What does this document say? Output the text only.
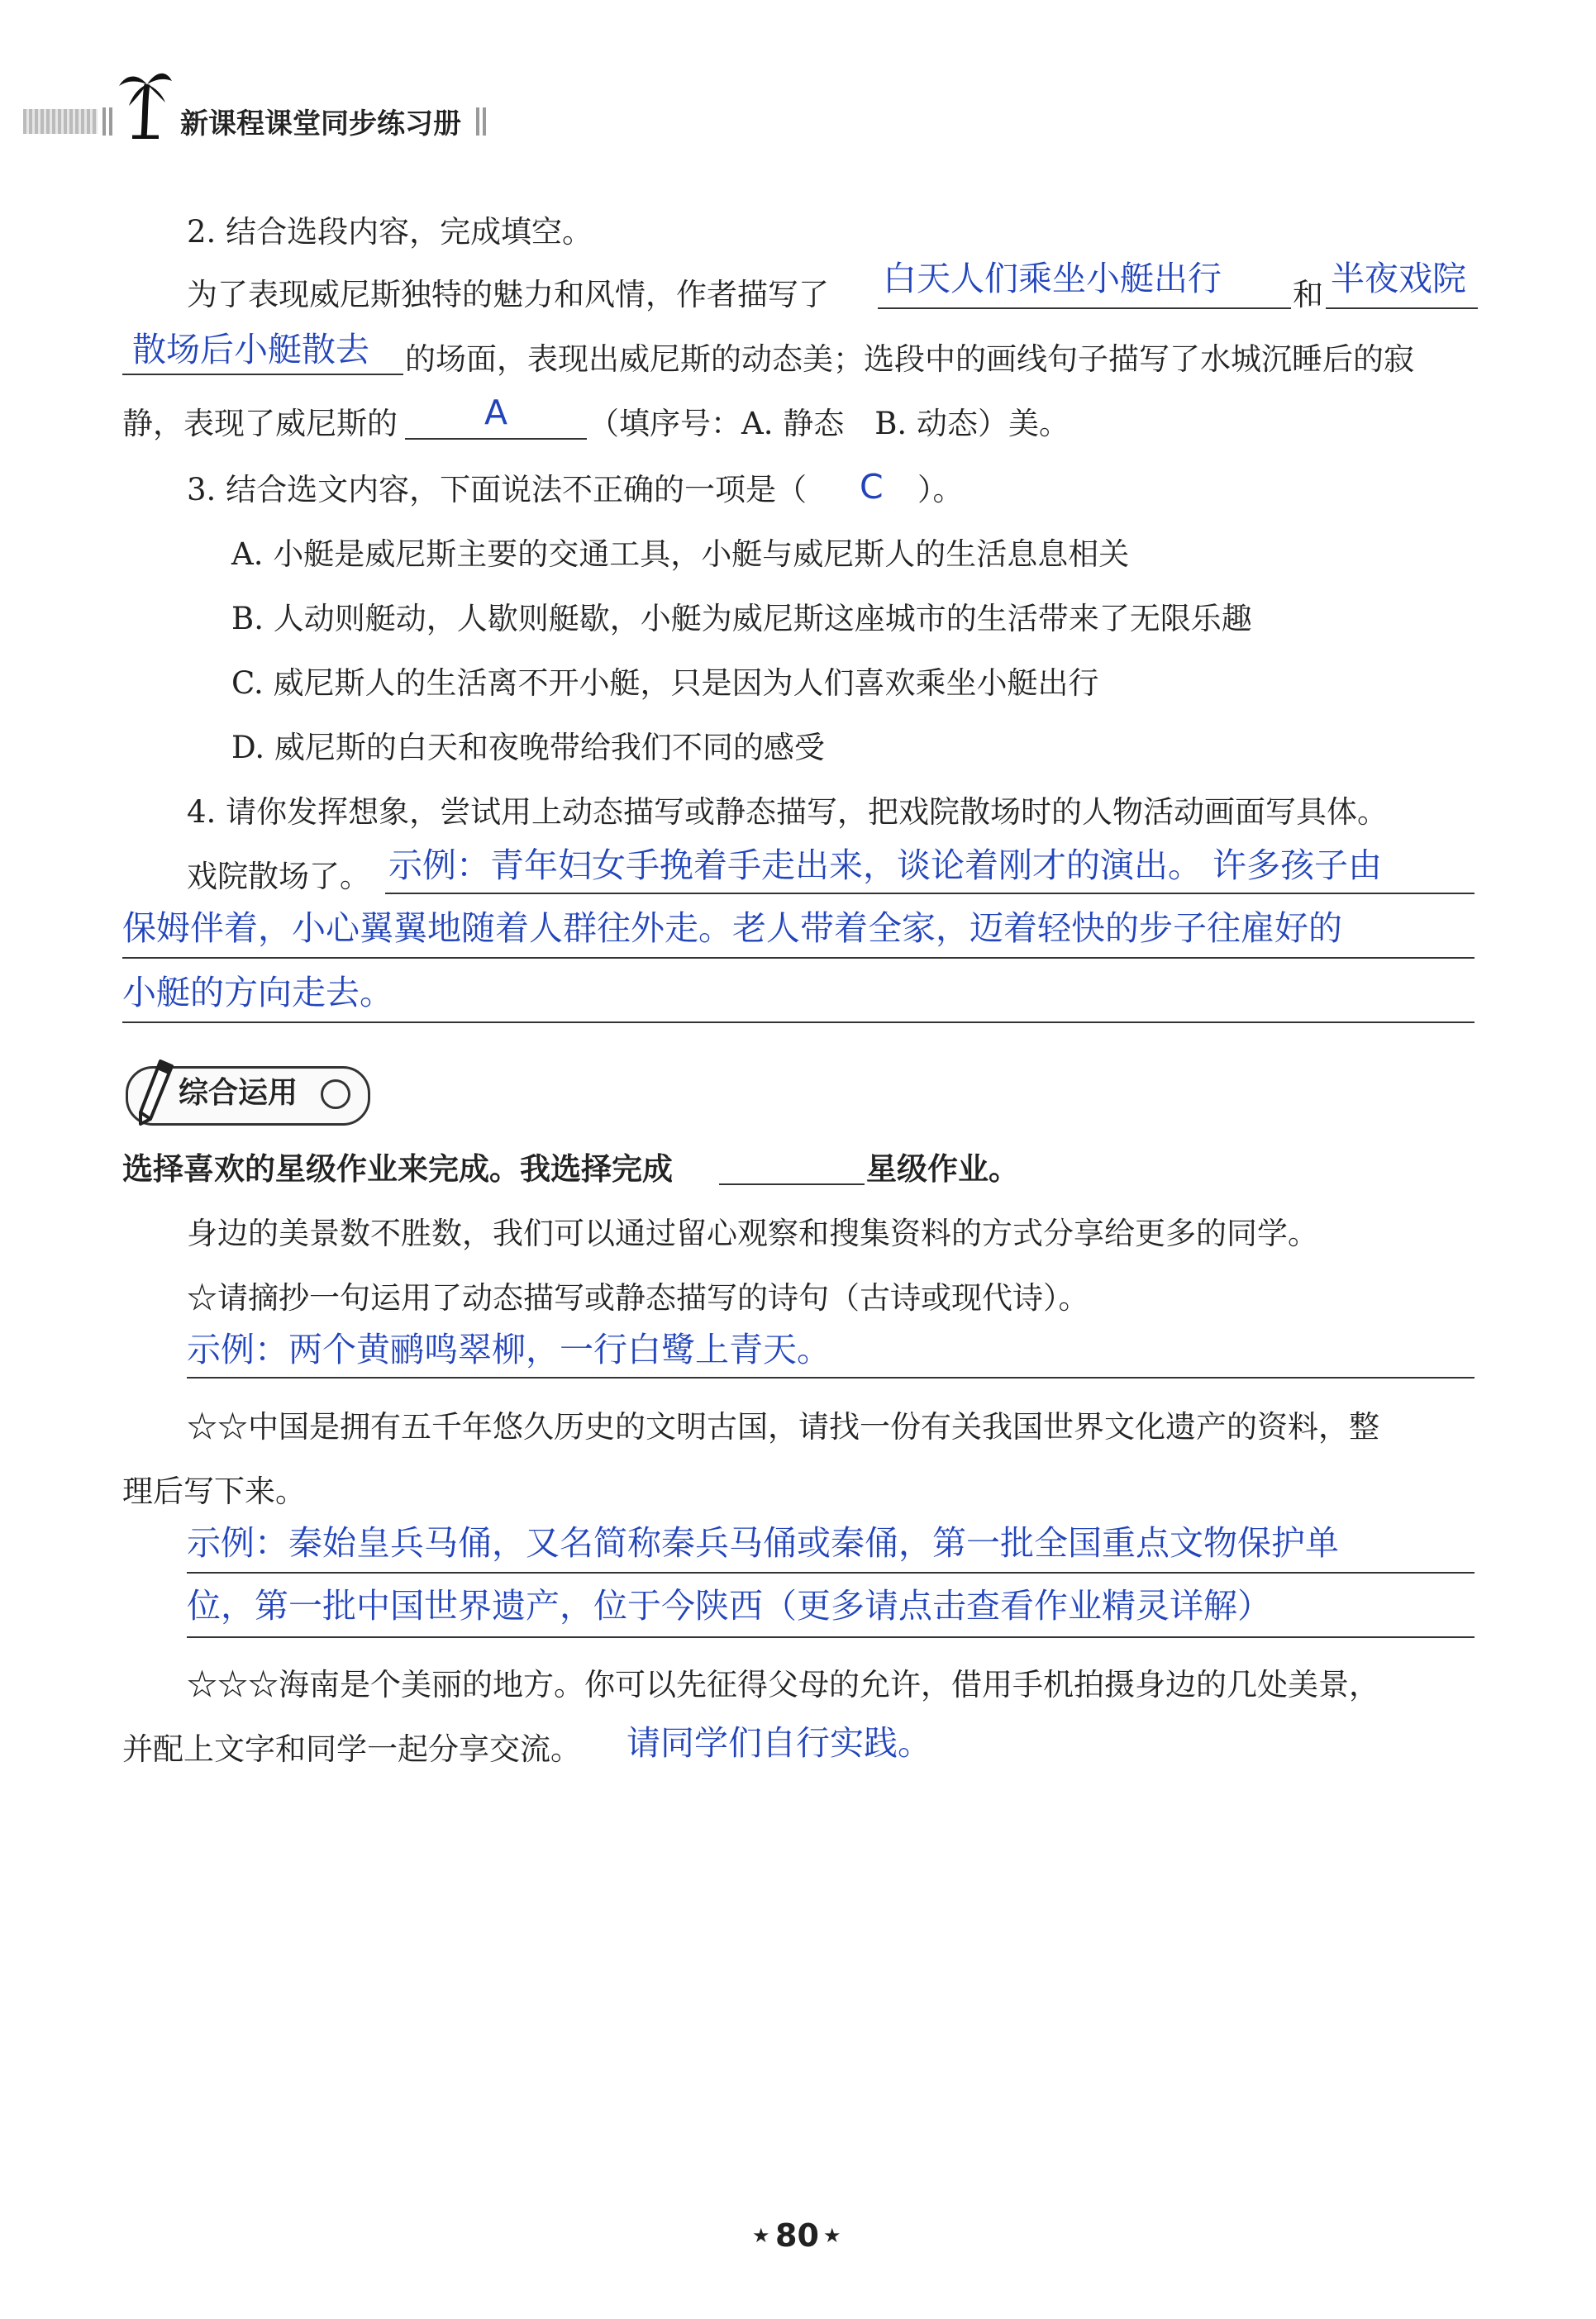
新课程课堂同步练习册
2. 结合选段内容，完成填空。
为了表现威尼斯独特的魅力和风情，作者描写了 白天人们乘坐小艇出行 和 半夜戏院
散场后小艇散去 的场面，表现出威尼斯的动态美；选段中的画线句子描写了水城沉睡后的寂
静，表现了威尼斯的	A	（填序号：A. 静态　B. 动态）美。
3. 结合选文内容，下面说法不正确的一项是（ C ）。
A. 小艇是威尼斯主要的交通工具，小艇与威尼斯人的生活息息相关
B. 人动则艇动，人歇则艇歇，小艇为威尼斯这座城市的生活带来了无限乐趣
C. 威尼斯人的生活离不开小艇，只是因为人们喜欢乘坐小艇出行
D. 威尼斯的白天和夜晚带给我们不同的感受
4. 请你发挥想象，尝试用上动态描写或静态描写，把戏院散场时的人物活动画面写具体。
戏院散场了。 示例：青年妇女手挽着手走出来，谈论着刚才的演出。 许多孩子由
保姆伴着，小心翼翼地随着人群往外走。老人带着全家，迈着轻快的步子往雇好的
小艇的方向走去。
综合运用
选择喜欢的星级作业来完成。我选择完成	星级作业。
身边的美景数不胜数，我们可以通过留心观察和搜集资料的方式分享给更多的同学。
☆请摘抄一句运用了动态描写或静态描写的诗句（古诗或现代诗）。
示例：两个黄鹂鸣翠柳，一行白鹭上青天。
☆☆中国是拥有五千年悠久历史的文明古国，请找一份有关我国世界文化遗产的资料，整
理后写下来。
示例：秦始皇兵马俑，又名简称秦兵马俑或秦俑，第一批全国重点文物保护单
位，第一批中国世界遗产，位于今陕西（更多请点击查看作业精灵详解）
☆☆☆海南是个美丽的地方。你可以先征得父母的允许，借用手机拍摄身边的几处美景，
并配上文字和同学一起分享交流。 请同学们自行实践。
★ 80 ★
